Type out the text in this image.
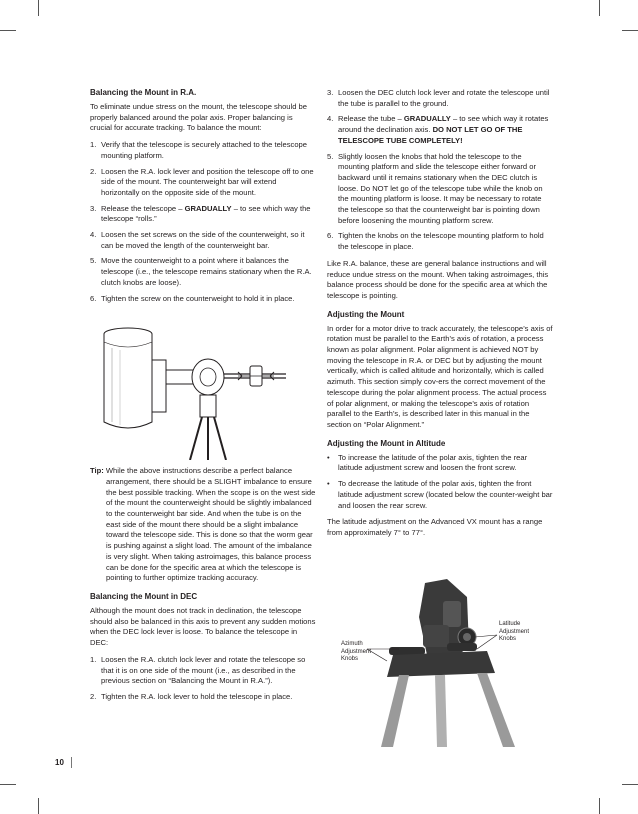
Balancing the Mount in R.A.

To eliminate undue stress on the mount, the telescope should be properly balanced around the polar axis. Proper balancing is crucial for accurate tracking. To balance the mount:

1. Verify that the telescope is securely attached to the telescope mounting platform.
2. Loosen the R.A. lock lever and position the telescope off to one side of the mount. The counterweight bar will extend horizontally on the opposite side of the mount.
3. Release the telescope – GRADUALLY – to see which way the telescope “rolls.”
4. Loosen the set screws on the side of the counterweight, so it can be moved the length of the counterweight bar.
5. Move the counterweight to a point where it balances the telescope (i.e., the telescope remains stationary when the R.A. clutch knobs are loose).
6. Tighten the screw on the counterweight to hold it in place.

Tip: While the above instructions describe a perfect balance arrangement, there should be a SLIGHT imbalance to ensure the best possible tracking. When the scope is on the west side of the mount the counterweight should be slightly imbalanced to the counterweight bar side. And when the tube is on the east side of the mount there should be a slight imbalance toward the telescope side. This is done so that the worm gear is pushing against a slight load. The amount of the imbalance is very slight. When taking astroimages, this balance process can be done for the specific area at which the telescope is pointing to further optimize tracking accuracy.

Balancing the Mount in DEC

Although the mount does not track in declination, the telescope should also be balanced in this axis to prevent any sudden motions when the DEC lock lever is loose. To balance the telescope in DEC:

1. Loosen the R.A. clutch lock lever and rotate the telescope so that it is on one side of the mount (i.e., as described in the previous section on “Balancing the Mount in R.A.”).
2. Tighten the R.A. lock lever to hold the telescope in place.
3. Loosen the DEC clutch lock lever and rotate the telescope until the tube is parallel to the ground.
4. Release the tube – GRADUALLY – to see which way it rotates around the declination axis. DO NOT LET GO OF THE TELESCOPE TUBE COMPLETELY!
5. Slightly loosen the knobs that hold the telescope to the mounting platform and slide the telescope either forward or backward until it remains stationary when the DEC clutch is loose. Do NOT let go of the telescope tube while the knob on the mounting platform is loose. It may be necessary to rotate the telescope so that the counterweight bar is pointing down before loosening the mounting platform screw.
6. Tighten the knobs on the telescope mounting platform to hold the telescope in place.

Like R.A. balance, these are general balance instructions and will reduce undue stress on the mount. When taking astroimages, this balance process should be done for the specific area at which the telescope is pointing.

Adjusting the Mount

In order for a motor drive to track accurately, the telescope’s axis of rotation must be parallel to the Earth’s axis of rotation, a process known as polar alignment. Polar alignment is achieved NOT by moving the telescope in R.A. or DEC but by adjusting the mount vertically, which is called altitude and horizontally, which is called azimuth. This section simply cov-ers the correct movement of the telescope during the polar alignment process. The actual process of polar alignment, or making the telescope’s axis of rotation parallel to the Earth’s, is described later in this manual in the section on “Polar Alignment.”

Adjusting the Mount in Altitude
• To increase the latitude of the polar axis, tighten the rear latitude adjustment screw and loosen the front screw.
• To decrease the latitude of the polar axis, tighten the front latitude adjustment screw (located below the counter-weight bar and loosen the rear screw.

The latitude adjustment on the Advanced VX mount has a range from approximately 7° to 77°.

Azimuth Adjustment Knobs
Latitude Adjustment Knobs
10
